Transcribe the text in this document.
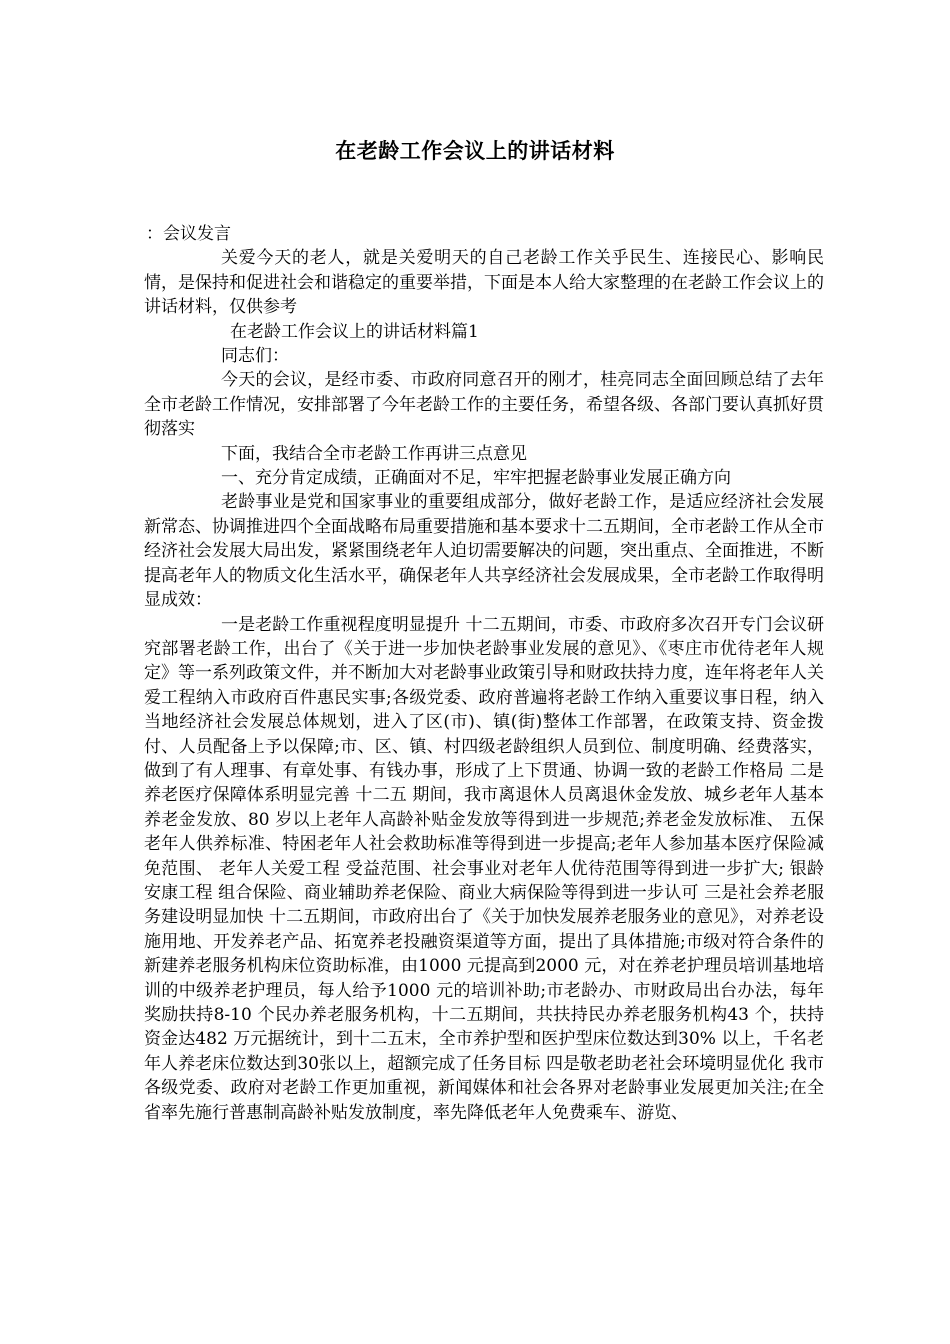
在老龄工作会议上的讲话材料

：会议发言

关爱今天的老人，就是关爱明天的自己老龄工作关乎民生、连接民心、影响民情，是保持和促进社会和谐稳定的重要举措，下面是本人给大家整理的在老龄工作会议上的讲话材料，仅供参考

在老龄工作会议上的讲话材料篇1

同志们：

今天的会议，是经市委、市政府同意召开的刚才，桂亮同志全面回顾总结了去年全市老龄工作情况，安排部署了今年老龄工作的主要任务，希望各级、各部门要认真抓好贯彻落实

下面，我结合全市老龄工作再讲三点意见

一、充分肯定成绩，正确面对不足，牢牢把握老龄事业发展正确方向

老龄事业是党和国家事业的重要组成部分，做好老龄工作，是适应经济社会发展新常态、协调推进四个全面战略布局重要措施和基本要求十二五期间，全市老龄工作从全市经济社会发展大局出发，紧紧围绕老年人迫切需要解决的问题，突出重点、全面推进，不断提高老年人的物质文化生活水平，确保老年人共享经济社会发展成果，全市老龄工作取得明显成效：

一是老龄工作重视程度明显提升 十二五期间，市委、市政府多次召开专门会议研究部署老龄工作，出台了《关于进一步加快老龄事业发展的意见》、《枣庄市优待老年人规定》等一系列政策文件，并不断加大对老龄事业政策引导和财政扶持力度，连年将老年人关爱工程纳入市政府百件惠民实事;各级党委、政府普遍将老龄工作纳入重要议事日程，纳入当地经济社会发展总体规划，进入了区(市)、镇(街)整体工作部署，在政策支持、资金拨付、人员配备上予以保障;市、区、镇、村四级老龄组织人员到位、制度明确、经费落实，做到了有人理事、有章处事、有钱办事，形成了上下贯通、协调一致的老龄工作格局 二是养老医疗保障体系明显完善 十二五 期间，我市离退休人员离退休金发放、城乡老年人基本养老金发放、80 岁以上老年人高龄补贴金发放等得到进一步规范;养老金发放标准、 五保 老年人供养标准、特困老年人社会救助标准等得到进一步提高;老年人参加基本医疗保险减免范围、 老年人关爱工程 受益范围、社会事业对老年人优待范围等得到进一步扩大; 银龄安康工程 组合保险、商业辅助养老保险、商业大病保险等得到进一步认可 三是社会养老服务建设明显加快 十二五期间，市政府出台了《关于加快发展养老服务业的意见》，对养老设施用地、开发养老产品、拓宽养老投融资渠道等方面，提出了具体措施;市级对符合条件的新建养老服务机构床位资助标准，由1000 元提高到2000 元，对在养老护理员培训基地培训的中级养老护理员，每人给予1000 元的培训补助;市老龄办、市财政局出台办法，每年奖励扶持8-10 个民办养老服务机构，十二五期间，共扶持民办养老服务机构43 个，扶持资金达482 万元据统计，到十二五末，全市养护型和医护型床位数达到30% 以上，千名老年人养老床位数达到30张以上，超额完成了任务目标 四是敬老助老社会环境明显优化 我市各级党委、政府对老龄工作更加重视，新闻媒体和社会各界对老龄事业发展更加关注;在全省率先施行普惠制高龄补贴发放制度，率先降低老年人免费乘车、游览、
